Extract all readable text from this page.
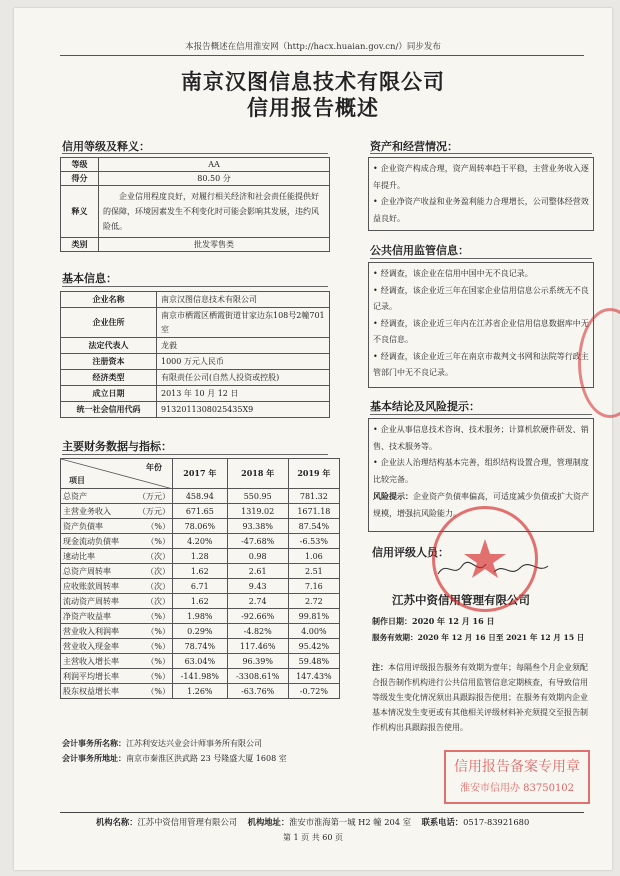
本报告概述在信用淮安网（http://hacx.huaian.gov.cn/）同步发布
南京汉图信息技术有限公司
信用报告概述
信用等级及释义：
等级	AA
得分	80.50 分
释义	企业信用程度良好，对履行相关经济和社会责任能提供好的保障，环境因素发生不利变化时可能会影响其发展，违约风险低。
类别	批发零售类
基本信息：
企业名称	南京汉图信息技术有限公司
企业住所	南京市栖霞区栖霞街道甘家边东108号2幢701室
法定代表人	龙毅
注册资本	1000 万元人民币
经济类型	有限责任公司(自然人投资或控股)
成立日期	2013 年 10 月 12 日
统一社会信用代码	9132011308025435X9
主要财务数据与指标：
年份
项目	2017 年	2018 年	2019 年
总资产 （万元）	458.94	550.95	781.32
主营业务收入 （万元）	671.65	1319.02	1671.18
资产负债率 （%）	78.06%	93.38%	87.54%
现金流动负债率 （%）	4.20%	-47.68%	-6.53%
速动比率 （次）	1.28	0.98	1.06
总资产周转率 （次）	1.62	2.61	2.51
应收账款周转率 （次）	6.71	9.43	7.16
流动资产周转率 （次）	1.62	2.74	2.72
净资产收益率 （%）	1.98%	-92.66%	99.81%
营业收入利润率 （%）	0.29%	-4.82%	4.00%
营业收入现金率 （%）	78.74%	117.46%	95.42%
主营收入增长率 （%）	63.04%	96.39%	59.48%
利润平均增长率 （%）	-141.98%	-3308.61%	147.43%
股东权益增长率 （%）	1.26%	-63.76%	-0.72%
会计事务所名称：江苏利安达兴业会计师事务所有限公司
会计事务所地址：南京市秦淮区洪武路 23 号隆盛大厦 1608 室
资产和经营情况：
• 企业资产构成合理，资产周转率趋于平稳，主营业务收入逐年提升。
• 企业净资产收益和业务盈利能力合理增长，公司整体经营效益良好。
公共信用监管信息：
• 经调查，该企业在信用中国中无不良记录。
• 经调查，该企业近三年在国家企业信用信息公示系统无不良记录。
• 经调查，该企业近三年内在江苏省企业信用信息数据库中无不良信息。
• 经调查，该企业近三年在南京市裁判文书网和法院等行政主管部门中无不良记录。
基本结论及风险提示：
• 企业从事信息技术咨询、技术服务；计算机软硬件研发、销售、技术服务等。
• 企业法人治理结构基本完善，组织结构设置合理，管理制度比较完备。
风险提示：企业资产负债率偏高，可适度减少负债或扩大资产规模，增强抗风险能力。
信用评级人员：
江苏中资信用管理有限公司
制作日期：2020 年 12 月 16 日
服务有效期：2020 年 12 月 16 日至 2021 年 12 月 15 日
注：本信用评级报告服务有效期为壹年；每隔叁个月企业须配合报告制作机构进行公共信用监管信息定期核查，有导致信用等级发生变化情况须出具跟踪报告使用；在服务有效期内企业基本情况发生变更或有其他相关评级材料补充须提交至报告制作机构出具跟踪报告使用。
信用报告备案专用章
淮安市信用办 83750102
机构名称：江苏中资信用管理有限公司 机构地址：淮安市淮海第一城 H2 幢 204 室 联系电话：0517-83921680
第 1 页 共 60 页
